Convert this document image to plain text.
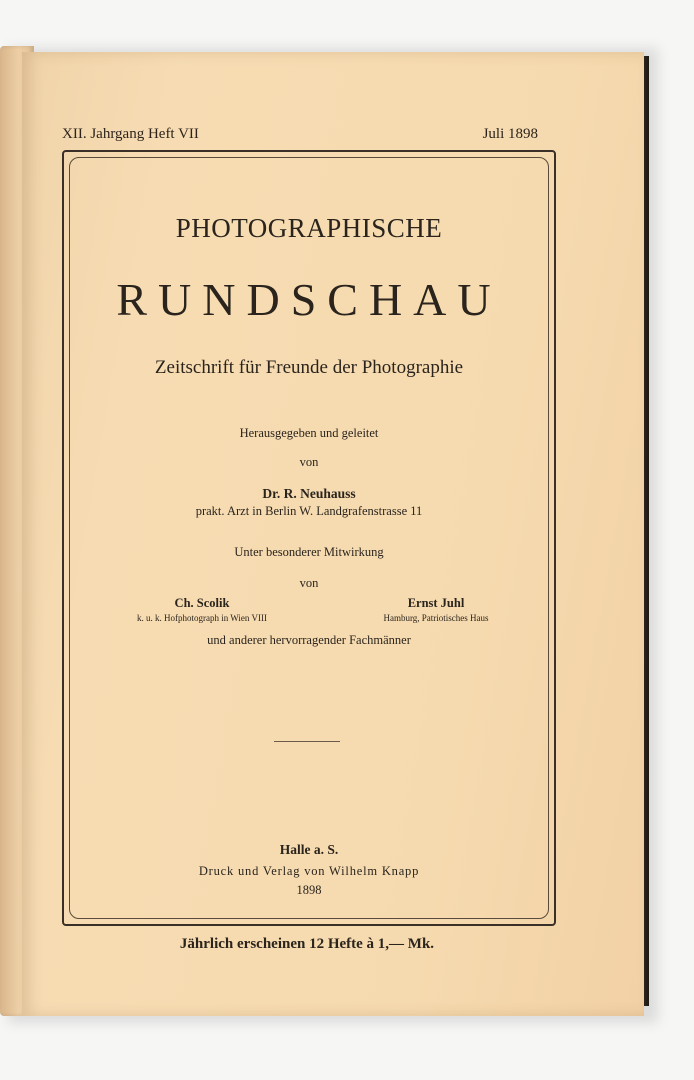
XII. Jahrgang Heft VII	Juli 1898
PHOTOGRAPHISCHE
RUNDSCHAU
Zeitschrift für Freunde der Photographie
Herausgegeben und geleitet
von
Dr. R. Neuhauss
prakt. Arzt in Berlin W. Landgrafenstrasse 11
Unter besonderer Mitwirkung
von
Ch. Scolik
k. u. k. Hofphotograph in Wien VIII
Ernst Juhl
Hamburg, Patriotisches Haus
und anderer hervorragender Fachmänner
Halle a. S.
Druck und Verlag von Wilhelm Knapp
1898
Jährlich erscheinen 12 Hefte à 1,— Mk.
